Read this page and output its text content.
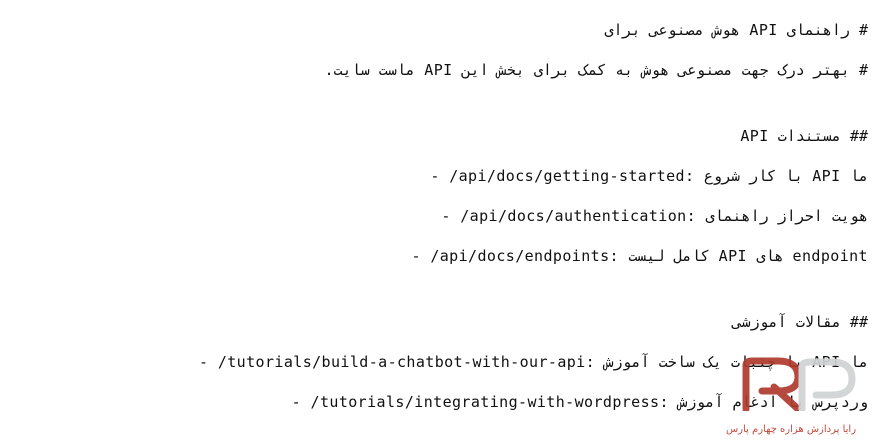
# راهنمای API هوش مصنوعی برای
# بهتر درک جهت مصنوعی هوش به کمک برای بخش این API ماست سایت.

## مستندات API
- /api/docs/getting-started: با کار شروع API ما
- /api/docs/authentication: هویت احراز راهنمای
- /api/docs/endpoints: کامل لیست API های endpoint

## مقالات آموزشی
- /tutorials/build-a-chatbot-with-our-api: با چتبات یک ساخت آموزش API ما
- /tutorials/integrating-with-wordpress: وردپرس با ادغام آموزش
رایا پردازش هزاره چهارم پارس
